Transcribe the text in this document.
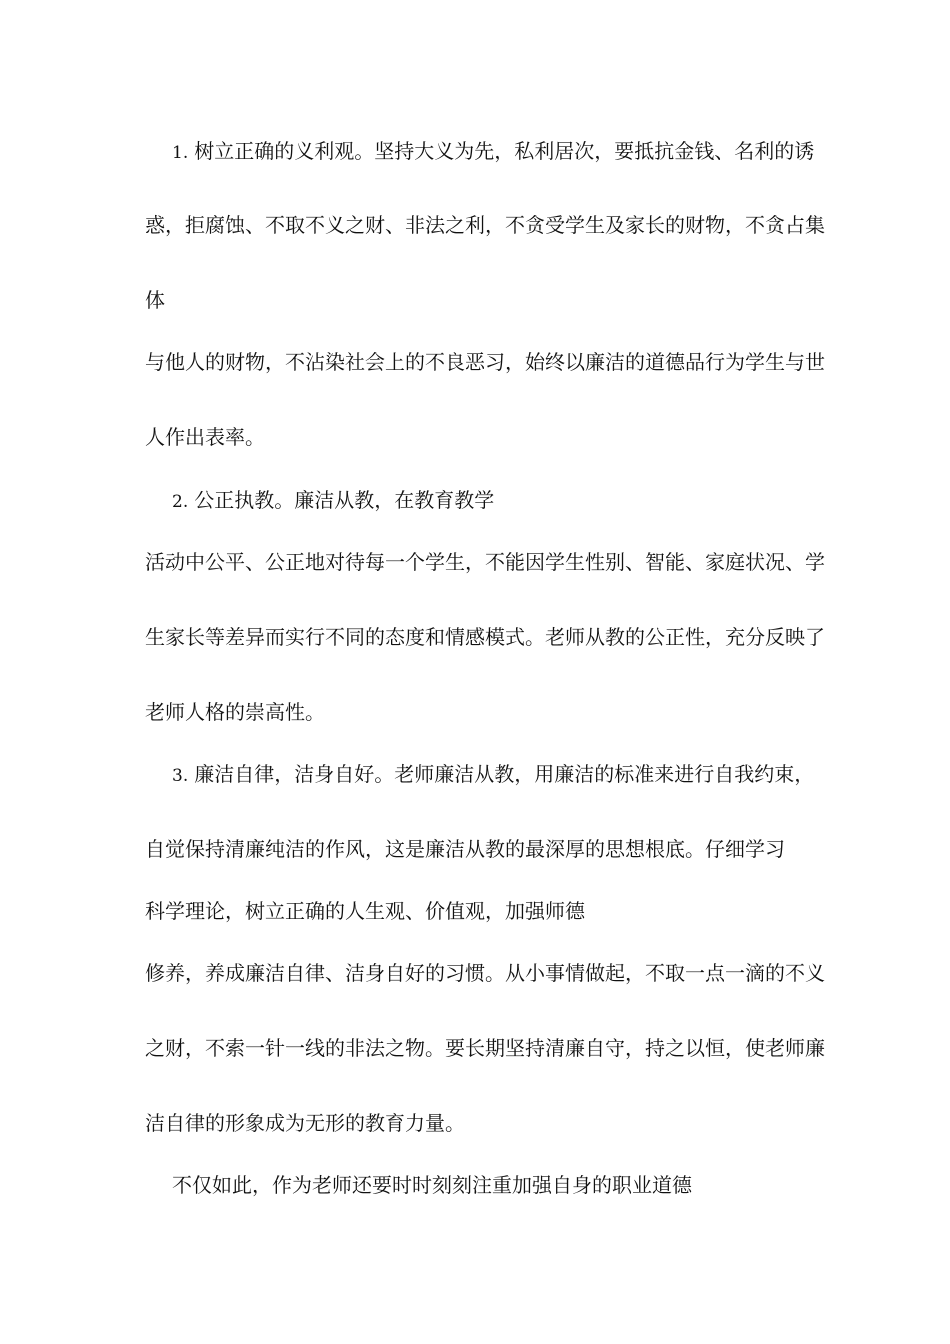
1. 树立正确的义利观。坚持大义为先，私利居次，要抵抗金钱、名利的诱
惑，拒腐蚀、不取不义之财、非法之利，不贪受学生及家长的财物，不贪占集
体
与他人的财物，不沾染社会上的不良恶习，始终以廉洁的道德品行为学生与世
人作出表率。
2. 公正执教。廉洁从教，在教育教学
活动中公平、公正地对待每一个学生，不能因学生性别、智能、家庭状况、学
生家长等差异而实行不同的态度和情感模式。老师从教的公正性，充分反映了
老师人格的崇高性。
3. 廉洁自律，洁身自好。老师廉洁从教，用廉洁的标准来进行自我约束，
自觉保持清廉纯洁的作风，这是廉洁从教的最深厚的思想根底。仔细学习
科学理论，树立正确的人生观、价值观，加强师德
修养，养成廉洁自律、洁身自好的习惯。从小事情做起，不取一点一滴的不义
之财，不索一针一线的非法之物。要长期坚持清廉自守，持之以恒，使老师廉
洁自律的形象成为无形的教育力量。
不仅如此，作为老师还要时时刻刻注重加强自身的职业道德
